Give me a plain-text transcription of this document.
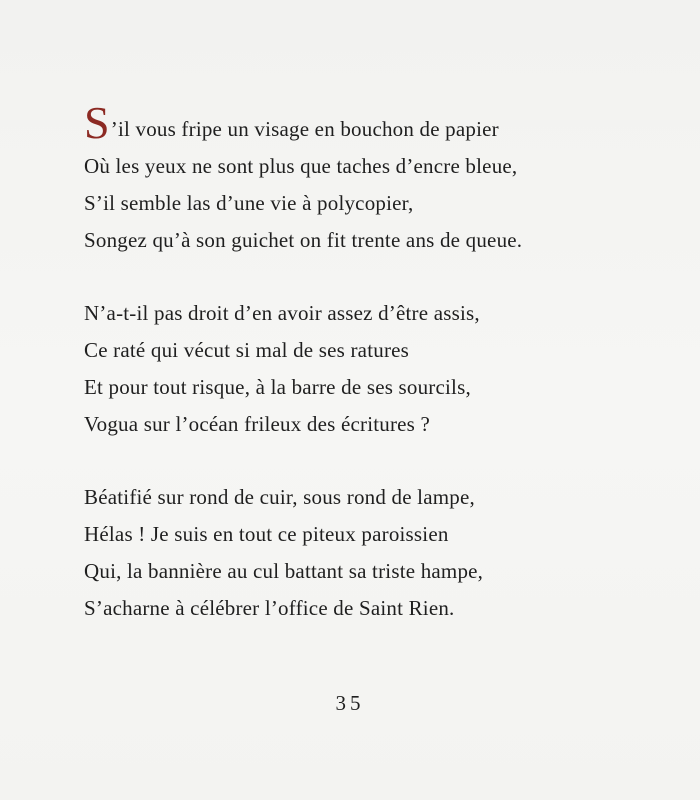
S’il vous fripe un visage en bouchon de papier
Où les yeux ne sont plus que taches d’encre bleue,
S’il semble las d’une vie à polycopier,
Songez qu’à son guichet on fit trente ans de queue.
N’a-t-il pas droit d’en avoir assez d’être assis,
Ce raté qui vécut si mal de ses ratures
Et pour tout risque, à la barre de ses sourcils,
Vogua sur l’océan frileux des écritures ?
Béatifié sur rond de cuir, sous rond de lampe,
Hélas ! Je suis en tout ce piteux paroissien
Qui, la bannière au cul battant sa triste hampe,
S’acharne à célébrer l’office de Saint Rien.
35
